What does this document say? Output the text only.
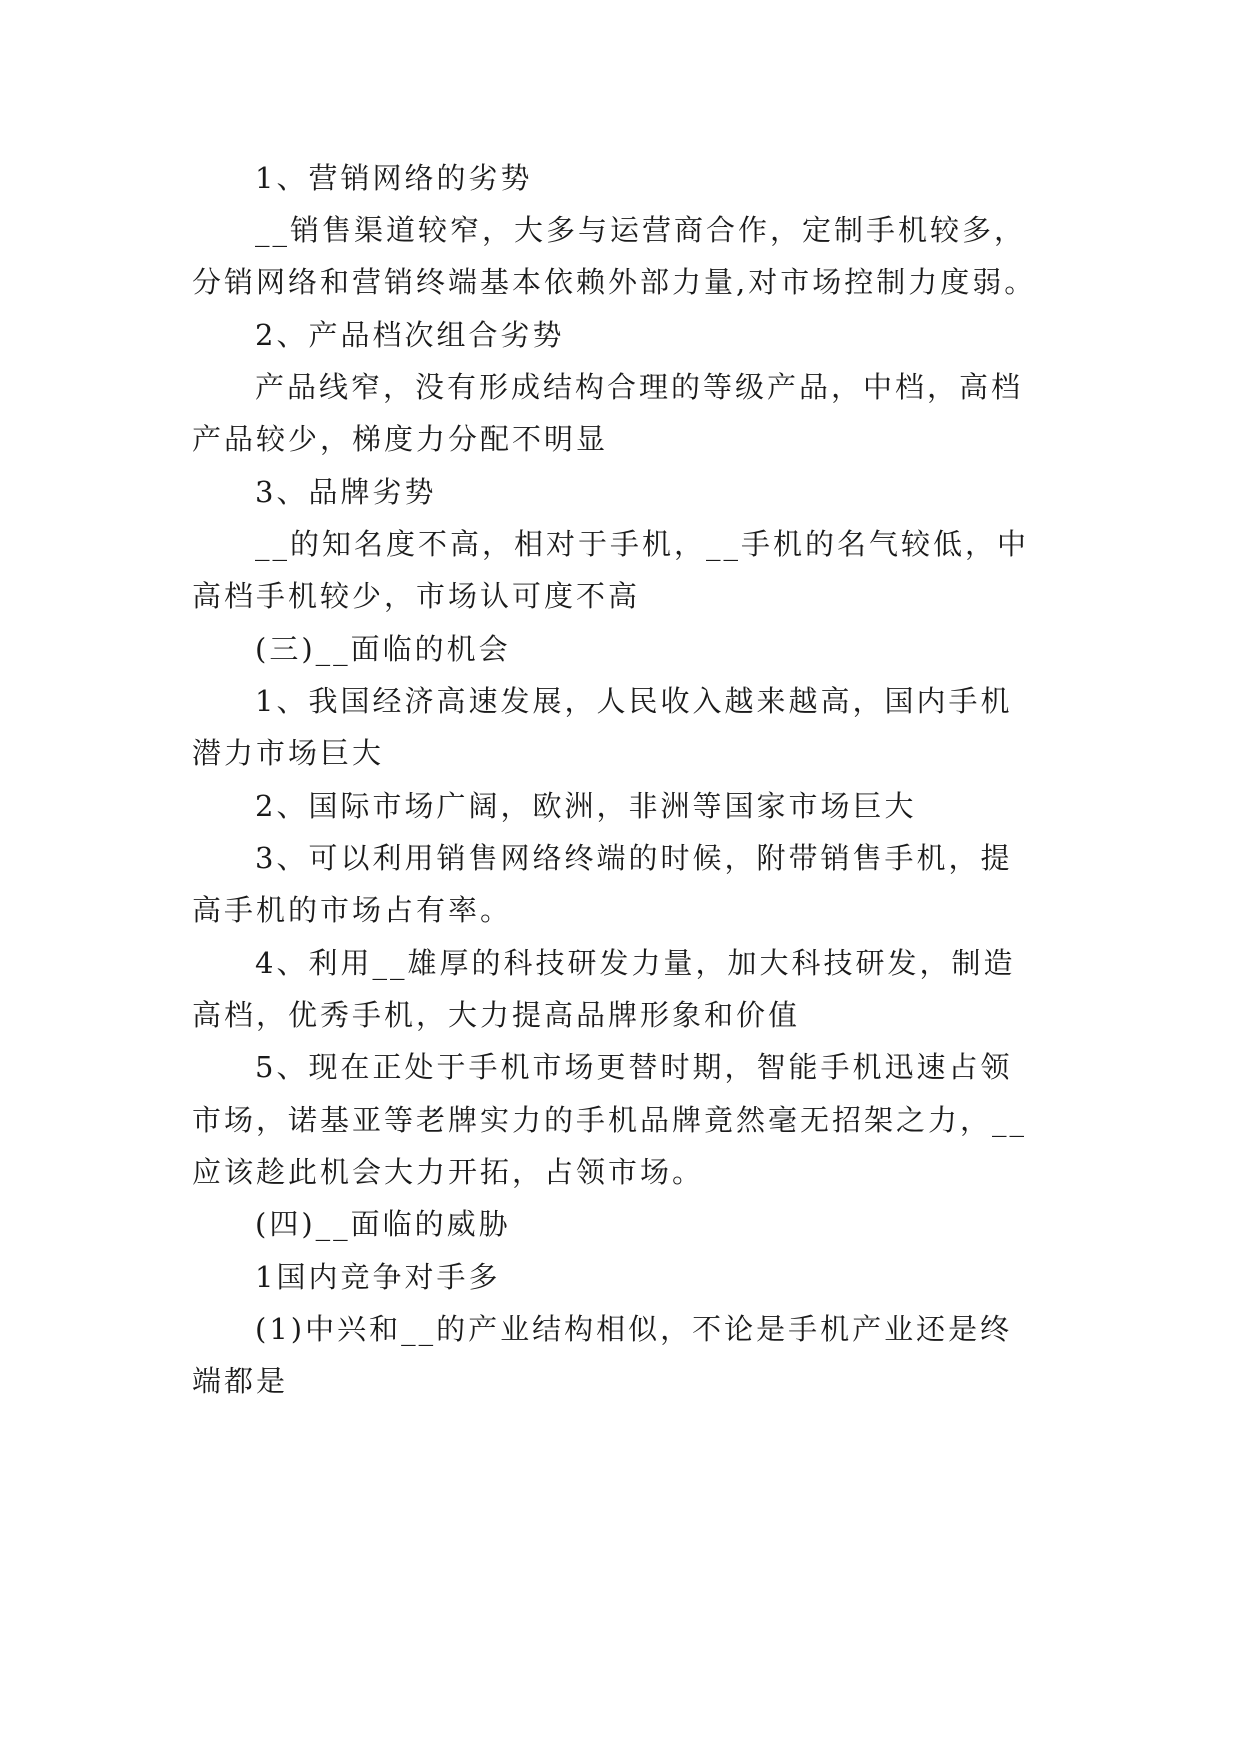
1、营销网络的劣势
__销售渠道较窄，大多与运营商合作，定制手机较多，
分销网络和营销终端基本依赖外部力量,对市场控制力度弱。
2、产品档次组合劣势
产品线窄，没有形成结构合理的等级产品，中档，高档
产品较少，梯度力分配不明显
3、品牌劣势
__的知名度不高，相对于手机，__手机的名气较低，中
高档手机较少，市场认可度不高
(三)__面临的机会
1、我国经济高速发展，人民收入越来越高，国内手机
潜力市场巨大
2、国际市场广阔，欧洲，非洲等国家市场巨大
3、可以利用销售网络终端的时候，附带销售手机，提
高手机的市场占有率。
4、利用__雄厚的科技研发力量，加大科技研发，制造
高档，优秀手机，大力提高品牌形象和价值
5、现在正处于手机市场更替时期，智能手机迅速占领
市场，诺基亚等老牌实力的手机品牌竟然毫无招架之力，__
应该趁此机会大力开拓，占领市场。
(四)__面临的威胁
1国内竞争对手多
(1)中兴和__的产业结构相似，不论是手机产业还是终
端都是
